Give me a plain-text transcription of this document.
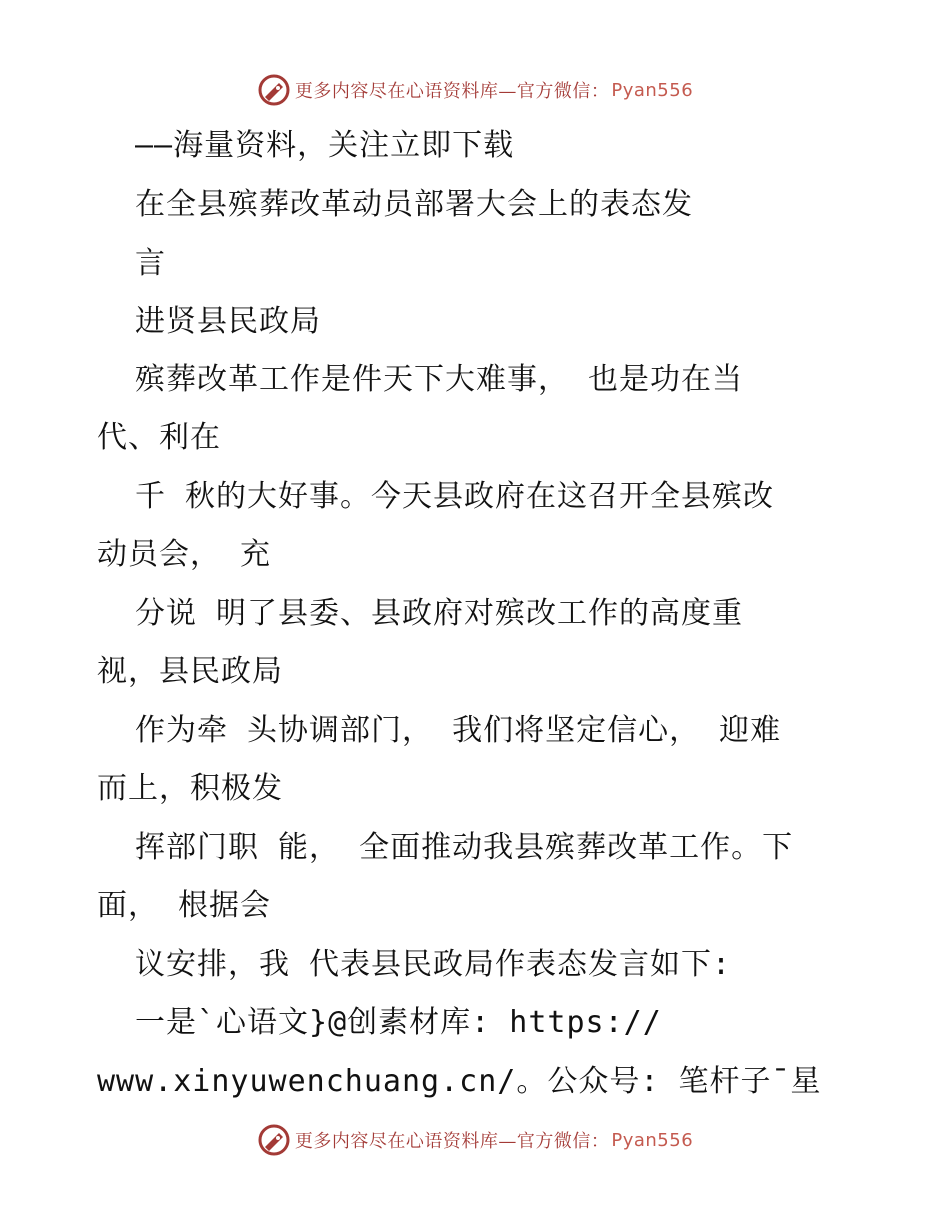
更多内容尽在心语资料库—官方微信： Pyan556
——海量资料，关注立即下载
在全县殡葬改革动员部署大会上的表态发
言
进贤县民政局
殡葬改革工作是件天下大难事， 也是功在当
代、利在
千 秋的大好事。今天县政府在这召开全县殡改
动员会， 充
分说 明了县委、县政府对殡改工作的高度重
视，县民政局
作为牵 头协调部门， 我们将坚定信心， 迎难
而上，积极发
挥部门职 能， 全面推动我县殡葬改革工作。下
面， 根据会
议安排，我 代表县民政局作表态发言如下:
一是`心语文}@创素材库: https://
www.xinyuwenchuang.cn/。公众号: 笔杆子¯星
更多内容尽在心语资料库—官方微信： Pyan556
